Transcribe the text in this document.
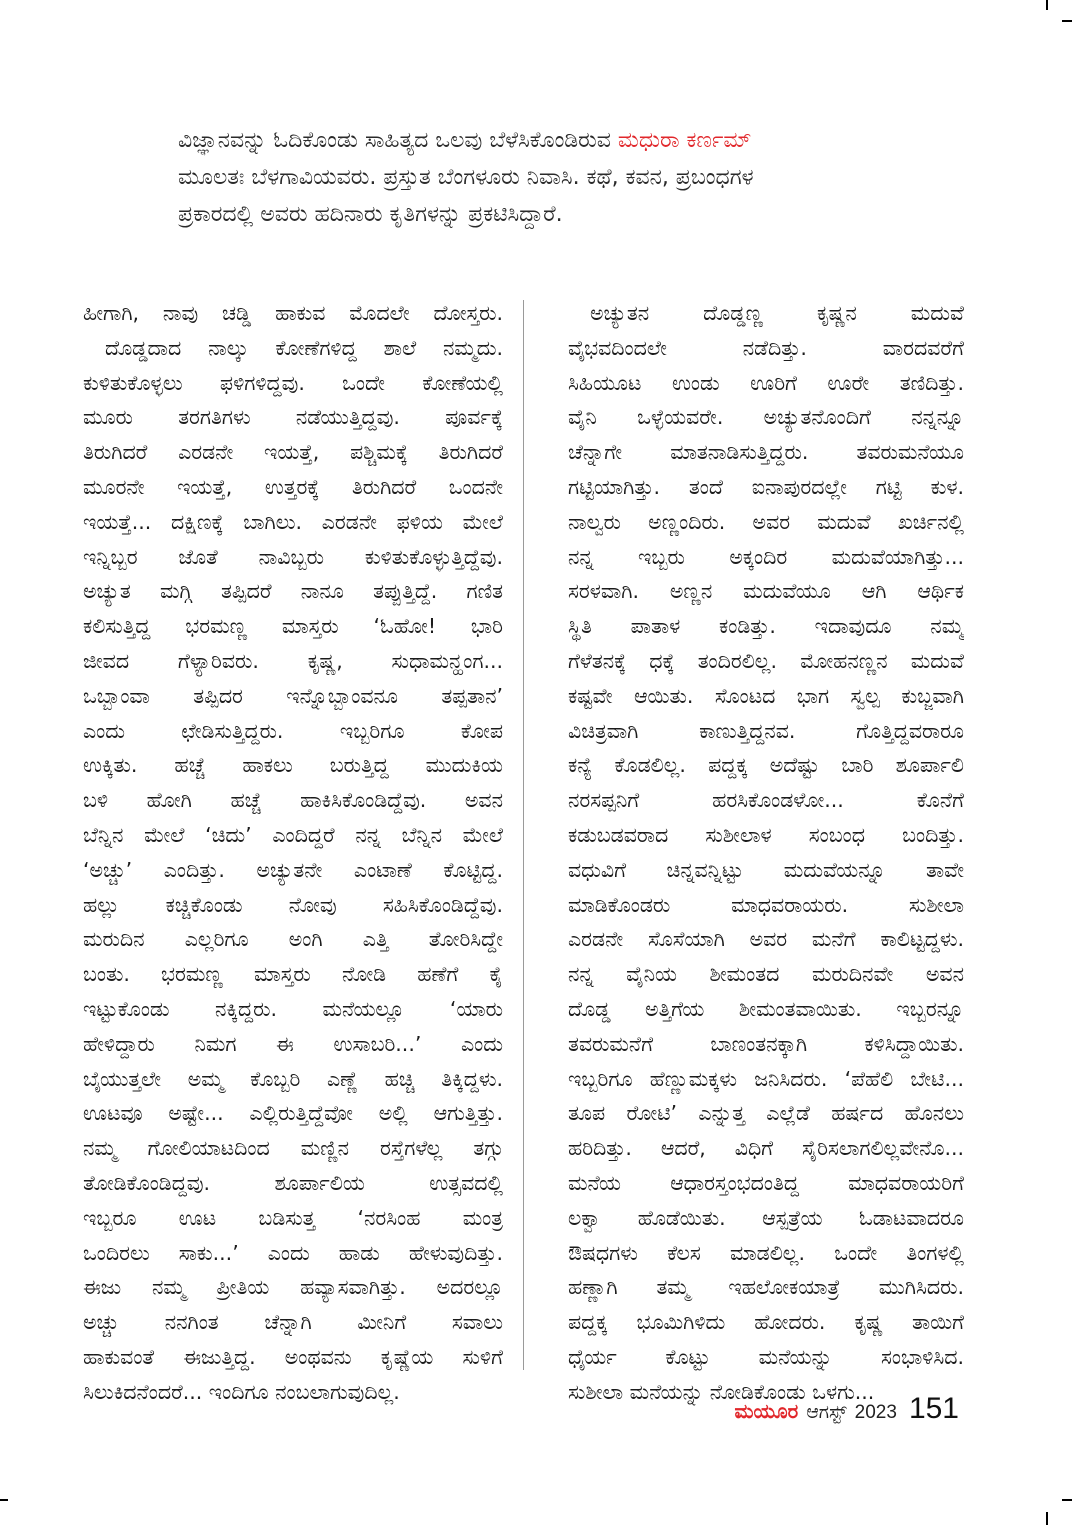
ವಿಜ್ಞಾನವನ್ನು ಓದಿಕೊಂಡು ಸಾಹಿತ್ಯದ ಒಲವು ಬೆಳೆಸಿಕೊಂಡಿರುವ ಮಧುರಾ ಕರ್ಣಮ್
ಮೂಲತಃ ಬೆಳಗಾವಿಯವರು. ಪ್ರಸ್ತುತ ಬೆಂಗಳೂರು ನಿವಾಸಿ. ಕಥೆ, ಕವನ, ಪ್ರಬಂಧಗಳ
ಪ್ರಕಾರದಲ್ಲಿ ಅವರು ಹದಿನಾರು ಕೃತಿಗಳನ್ನು ಪ್ರಕಟಿಸಿದ್ದಾರೆ.
ಹೀಗಾಗಿ, ನಾವು ಚಡ್ಡಿ ಹಾಕುವ ಮೊದಲೇ ದೋಸ್ತರು.
ದೊಡ್ಡದಾದ ನಾಲ್ಕು ಕೋಣೆಗಳಿದ್ದ ಶಾಲೆ ನಮ್ಮದು.
ಕುಳಿತುಕೊಳ್ಳಲು ಫಳಿಗಳಿದ್ದವು. ಒಂದೇ ಕೋಣೆಯಲ್ಲಿ
ಮೂರು ತರಗತಿಗಳು ನಡೆಯುತ್ತಿದ್ದವು. ಪೂರ್ವಕ್ಕೆ
ತಿರುಗಿದರೆ ಎರಡನೇ ಇಯತ್ತೆ, ಪಶ್ಚಿಮಕ್ಕೆ ತಿರುಗಿದರೆ
ಮೂರನೇ ಇಯತ್ತೆ, ಉತ್ತರಕ್ಕೆ ತಿರುಗಿದರೆ ಒಂದನೇ
ಇಯತ್ತೆ... ದಕ್ಷಿಣಕ್ಕೆ ಬಾಗಿಲು. ಎರಡನೇ ಫಳಿಯ ಮೇಲೆ
ಇನ್ನಿಬ್ಬರ ಜೊತೆ ನಾವಿಬ್ಬರು ಕುಳಿತುಕೊಳ್ಳುತ್ತಿದ್ದೆವು.
ಅಚ್ಯುತ ಮಗ್ಗಿ ತಪ್ಪಿದರೆ ನಾನೂ ತಪ್ಪುತ್ತಿದ್ದೆ. ಗಣಿತ
ಕಲಿಸುತ್ತಿದ್ದ ಭರಮಣ್ಣ ಮಾಸ್ತರು ‘ಓಹೋ! ಭಾರಿ
ಜೀವದ ಗೆಳ್ಯಾರಿವರು. ಕೃಷ್ಣ, ಸುಧಾಮನ್ಹಂಗ...
ಒಬ್ಬಾಂವಾ ತಪ್ಪಿದರ ಇನ್ನೊಬ್ಬಾಂವನೂ ತಪ್ಪತಾನ’
ಎಂದು ಛೇಡಿಸುತ್ತಿದ್ದರು. ಇಬ್ಬರಿಗೂ ಕೋಪ
ಉಕ್ಕಿತು. ಹಚ್ಚೆ ಹಾಕಲು ಬರುತ್ತಿದ್ದ ಮುದುಕಿಯ
ಬಳಿ ಹೋಗಿ ಹಚ್ಚೆ ಹಾಕಿಸಿಕೊಂಡಿದ್ದೆವು. ಅವನ
ಬೆನ್ನಿನ ಮೇಲೆ ‘ಚಿದು’ ಎಂದಿದ್ದರೆ ನನ್ನ ಬೆನ್ನಿನ ಮೇಲೆ
‘ಅಚ್ಚು’ ಎಂದಿತ್ತು. ಅಚ್ಯುತನೇ ಎಂಟಾಣೆ ಕೊಟ್ಟಿದ್ದ.
ಹಲ್ಲು ಕಚ್ಚಿಕೊಂಡು ನೋವು ಸಹಿಸಿಕೊಂಡಿದ್ದೆವು.
ಮರುದಿನ ಎಲ್ಲರಿಗೂ ಅಂಗಿ ಎತ್ತಿ ತೋರಿಸಿದ್ದೇ
ಬಂತು. ಭರಮಣ್ಣ ಮಾಸ್ತರು ನೋಡಿ ಹಣೆಗೆ ಕೈ
ಇಟ್ಟುಕೊಂಡು ನಕ್ಕಿದ್ದರು. ಮನೆಯಲ್ಲೂ ‘ಯಾರು
ಹೇಳಿದ್ದಾರು ನಿಮಗ ಈ ಉಸಾಬರಿ...’ ಎಂದು
ಬೈಯುತ್ತಲೇ ಅಮ್ಮ ಕೊಬ್ಬರಿ ಎಣ್ಣೆ ಹಚ್ಚಿ ತಿಕ್ಕಿದ್ದಳು.
ಊಟವೂ ಅಷ್ಟೇ... ಎಲ್ಲಿರುತ್ತಿದ್ದೆವೋ ಅಲ್ಲಿ ಆಗುತ್ತಿತ್ತು.
ನಮ್ಮ ಗೋಲಿಯಾಟದಿಂದ ಮಣ್ಣಿನ ರಸ್ತೆಗಳೆಲ್ಲ ತಗ್ಗು
ತೋಡಿಕೊಂಡಿದ್ದವು. ಶೂರ್ಪಾಲಿಯ ಉತ್ಸವದಲ್ಲಿ
ಇಬ್ಬರೂ ಊಟ ಬಡಿಸುತ್ತ ‘ನರಸಿಂಹ ಮಂತ್ರ
ಒಂದಿರಲು ಸಾಕು...’ ಎಂದು ಹಾಡು ಹೇಳುವುದಿತ್ತು.
ಈಜು ನಮ್ಮ ಪ್ರೀತಿಯ ಹವ್ಯಾಸವಾಗಿತ್ತು. ಅದರಲ್ಲೂ
ಅಚ್ಚು ನನಗಿಂತ ಚೆನ್ನಾಗಿ ಮೀನಿಗೆ ಸವಾಲು
ಹಾಕುವಂತೆ ಈಜುತ್ತಿದ್ದ. ಅಂಥವನು ಕೃಷ್ಣೆಯ ಸುಳಿಗೆ
ಸಿಲುಕಿದನೆಂದರೆ... ಇಂದಿಗೂ ನಂಬಲಾಗುವುದಿಲ್ಲ.
ಅಚ್ಯುತನ ದೊಡ್ಡಣ್ಣ ಕೃಷ್ಣನ ಮದುವೆ
ವೈಭವದಿಂದಲೇ ನಡೆದಿತ್ತು. ವಾರದವರೆಗೆ
ಸಿಹಿಯೂಟ ಉಂಡು ಊರಿಗೆ ಊರೇ ತಣಿದಿತ್ತು.
ವೈನಿ ಒಳ್ಳೆಯವರೇ. ಅಚ್ಯುತನೊಂದಿಗೆ ನನ್ನನ್ನೂ
ಚೆನ್ನಾಗೇ ಮಾತನಾಡಿಸುತ್ತಿದ್ದರು. ತವರುಮನೆಯೂ
ಗಟ್ಟಿಯಾಗಿತ್ತು. ತಂದೆ ಐನಾಪುರದಲ್ಲೇ ಗಟ್ಟಿ ಕುಳ.
ನಾಲ್ವರು ಅಣ್ಣಂದಿರು. ಅವರ ಮದುವೆ ಖರ್ಚಿನಲ್ಲಿ
ನನ್ನ ಇಬ್ಬರು ಅಕ್ಕಂದಿರ ಮದುವೆಯಾಗಿತ್ತು...
ಸರಳವಾಗಿ. ಅಣ್ಣನ ಮದುವೆಯೂ ಆಗಿ ಆರ್ಥಿಕ
ಸ್ಥಿತಿ ಪಾತಾಳ ಕಂಡಿತ್ತು. ಇದಾವುದೂ ನಮ್ಮ
ಗೆಳೆತನಕ್ಕೆ ಧಕ್ಕೆ ತಂದಿರಲಿಲ್ಲ. ಮೋಹನಣ್ಣನ ಮದುವೆ
ಕಷ್ಟವೇ ಆಯಿತು. ಸೊಂಟದ ಭಾಗ ಸ್ವಲ್ಪ ಕುಬ್ಜವಾಗಿ
ವಿಚಿತ್ರವಾಗಿ ಕಾಣುತ್ತಿದ್ದನವ. ಗೊತ್ತಿದ್ದವರಾರೂ
ಕನ್ಯೆ ಕೊಡಲಿಲ್ಲ. ಪದ್ದಕ್ಕ ಅದೆಷ್ಟು ಬಾರಿ ಶೂರ್ಪಾಲಿ
ನರಸಪ್ಪನಿಗೆ ಹರಸಿಕೊಂಡಳೋ... ಕೊನೆಗೆ
ಕಡುಬಡವರಾದ ಸುಶೀಲಾಳ ಸಂಬಂಧ ಬಂದಿತ್ತು.
ವಧುವಿಗೆ ಚಿನ್ನವನ್ನಿಟ್ಟು ಮದುವೆಯನ್ನೂ ತಾವೇ
ಮಾಡಿಕೊಂಡರು ಮಾಧವರಾಯರು. ಸುಶೀಲಾ
ಎರಡನೇ ಸೊಸೆಯಾಗಿ ಅವರ ಮನೆಗೆ ಕಾಲಿಟ್ಟದ್ದಳು.
ನನ್ನ ವೈನಿಯ ಶೀಮಂತದ ಮರುದಿನವೇ ಅವನ
ದೊಡ್ಡ ಅತ್ತಿಗೆಯ ಶೀಮಂತವಾಯಿತು. ಇಬ್ಬರನ್ನೂ
ತವರುಮನೆಗೆ ಬಾಣಂತನಕ್ಕಾಗಿ ಕಳಿಸಿದ್ದಾಯಿತು.
ಇಬ್ಬರಿಗೂ ಹೆಣ್ಣುಮಕ್ಕಳು ಜನಿಸಿದರು. ‘ಪೆಹೆಲಿ ಬೇಟಿ...
ತೂಪ ರೋಟಿ’ ಎನ್ನುತ್ತ ಎಲ್ಲೆಡೆ ಹರ್ಷದ ಹೊನಲು
ಹರಿದಿತ್ತು. ಆದರೆ, ವಿಧಿಗೆ ಸೈರಿಸಲಾಗಲಿಲ್ಲವೇನೊ...
ಮನೆಯ ಆಧಾರಸ್ತಂಭದಂತಿದ್ದ ಮಾಧವರಾಯರಿಗೆ
ಲಕ್ವಾ ಹೊಡೆಯಿತು. ಆಸ್ಪತ್ರೆಯ ಓಡಾಟವಾದರೂ
ಔಷಧಗಳು ಕೆಲಸ ಮಾಡಲಿಲ್ಲ. ಒಂದೇ ತಿಂಗಳಲ್ಲಿ
ಹಣ್ಣಾಗಿ ತಮ್ಮ ಇಹಲೋಕಯಾತ್ರೆ ಮುಗಿಸಿದರು.
ಪದ್ದಕ್ಕ ಭೂಮಿಗಿಳಿದು ಹೋದರು. ಕೃಷ್ಣ ತಾಯಿಗೆ
ಧೈರ್ಯ ಕೊಟ್ಟು ಮನೆಯನ್ನು ಸಂಭಾಳಿಸಿದ.
ಸುಶೀಲಾ ಮನೆಯನ್ನು ನೋಡಿಕೊಂಡು ಒಳಗು...
ಮಯೂರ ಆಗಸ್ಟ್ 2023 151
